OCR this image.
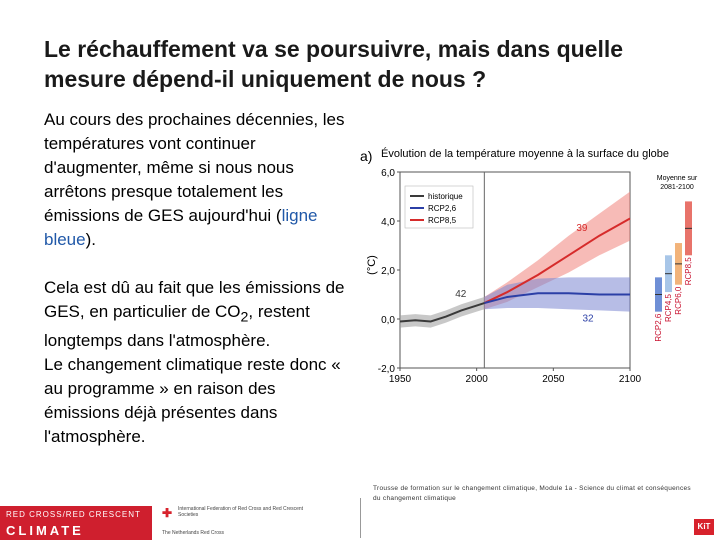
Le réchauffement va se poursuivre, mais dans quelle mesure dépend-il uniquement de nous ?

Au cours des prochaines décennies, les températures vont continuer d'augmenter, même si nous nous arrêtons presque totalement les émissions de GES aujourd'hui (ligne bleue).

Cela est dû au fait que les émissions de GES, en particulier de $CO_2$, restent longtemps dans l'atmosphère.

Le changement climatique reste donc « au programme » en raison des émissions déjà présentes dans l'atmosphère.

a) Évolution de la température moyenne à la surface du globe
(°C)
6,0
4,0
2,0
0,0
-2,0
1950	2000	2050	2100
42
39
32
historique
RCP2,6
RCP8,5
Moyenne sur
2081-2100
RCP2,6
RCP4,5 RCP6,0
RCP8,5
RED CROSS/RED CRESCENT
CLIMATE CENTRE
✚ International Federation of Red Cross and Red Crescent Societies
The Netherlands Red Cross
Trousse de formation sur le changement climatique, Module 1a - Science du climat et conséquences du changement climatique
KiT
